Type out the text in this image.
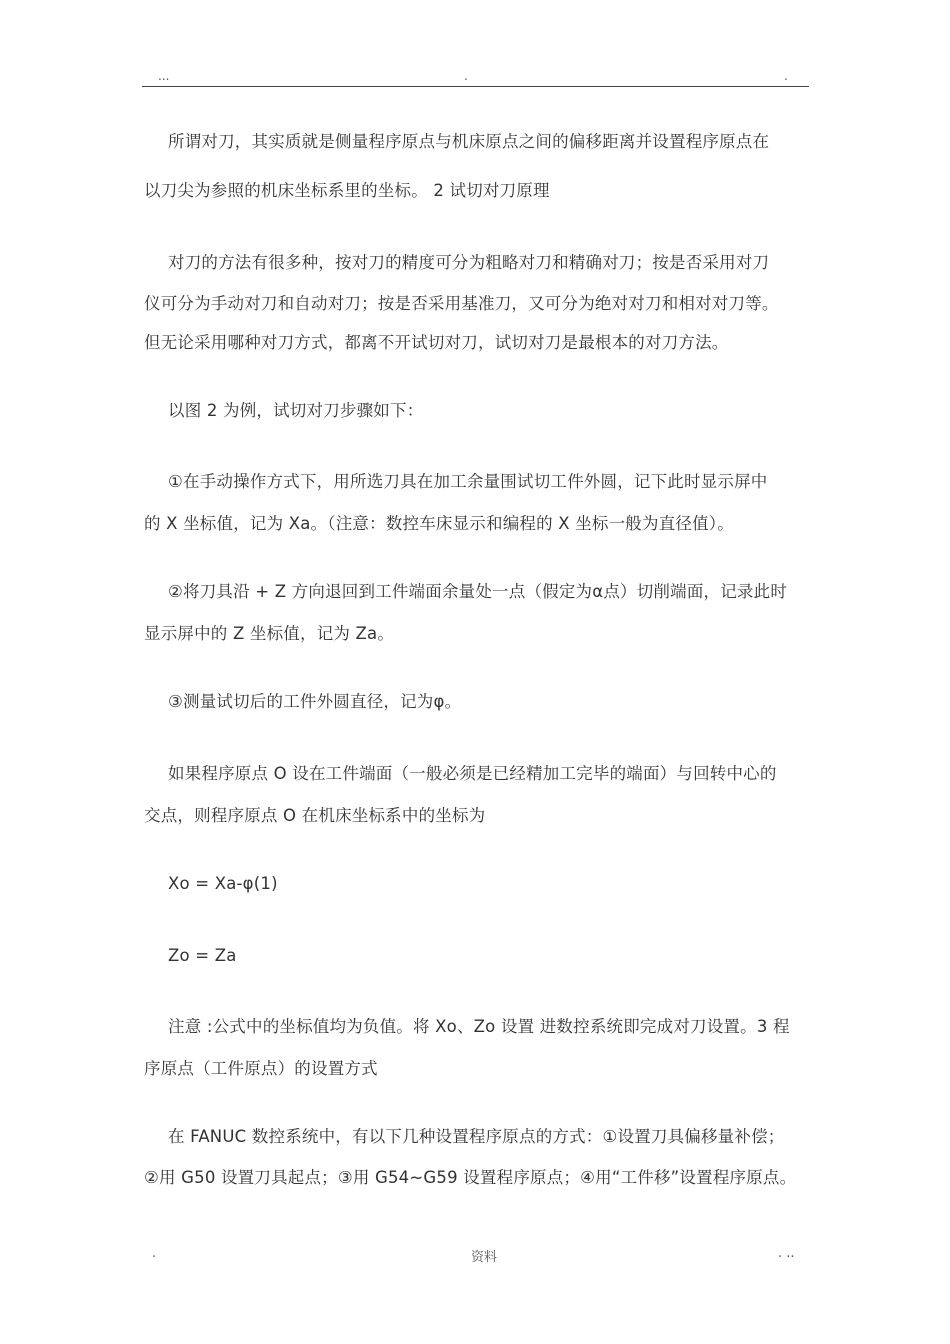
...	.	.
所谓对刀，其实质就是侧量程序原点与机床原点之间的偏移距离并设置程序原点在
以刀尖为参照的机床坐标系里的坐标。 2 试切对刀原理
对刀的方法有很多种，按对刀的精度可分为粗略对刀和精确对刀；按是否采用对刀
仪可分为手动对刀和自动对刀；按是否采用基准刀，又可分为绝对对刀和相对对刀等。
但无论采用哪种对刀方式，都离不开试切对刀，试切对刀是最根本的对刀方法。
以图 2 为例，试切对刀步骤如下：
①在手动操作方式下，用所选刀具在加工余量围试切工件外圆，记下此时显示屏中
的 X 坐标值，记为 Xa。（注意：数控车床显示和编程的 X 坐标一般为直径值）。
②将刀具沿 + Z 方向退回到工件端面余量处一点（假定为α点）切削端面，记录此时
显示屏中的 Z 坐标值，记为 Za。
③测量试切后的工件外圆直径，记为φ。
如果程序原点 O 设在工件端面（一般必须是已经精加工完毕的端面）与回转中心的
交点，则程序原点 O 在机床坐标系中的坐标为
Xo = Xa-φ(1)
Zo = Za
注意 :公式中的坐标值均为负值。将 Xo、Zo 设置 进数控系统即完成对刀设置。3 程
序原点（工件原点）的设置方式
在 FANUC 数控系统中，有以下几种设置程序原点的方式：①设置刀具偏移量补偿；
②用 G50 设置刀具起点；③用 G54~G59 设置程序原点；④用“工件移”设置程序原点。
.	资料	. ..
